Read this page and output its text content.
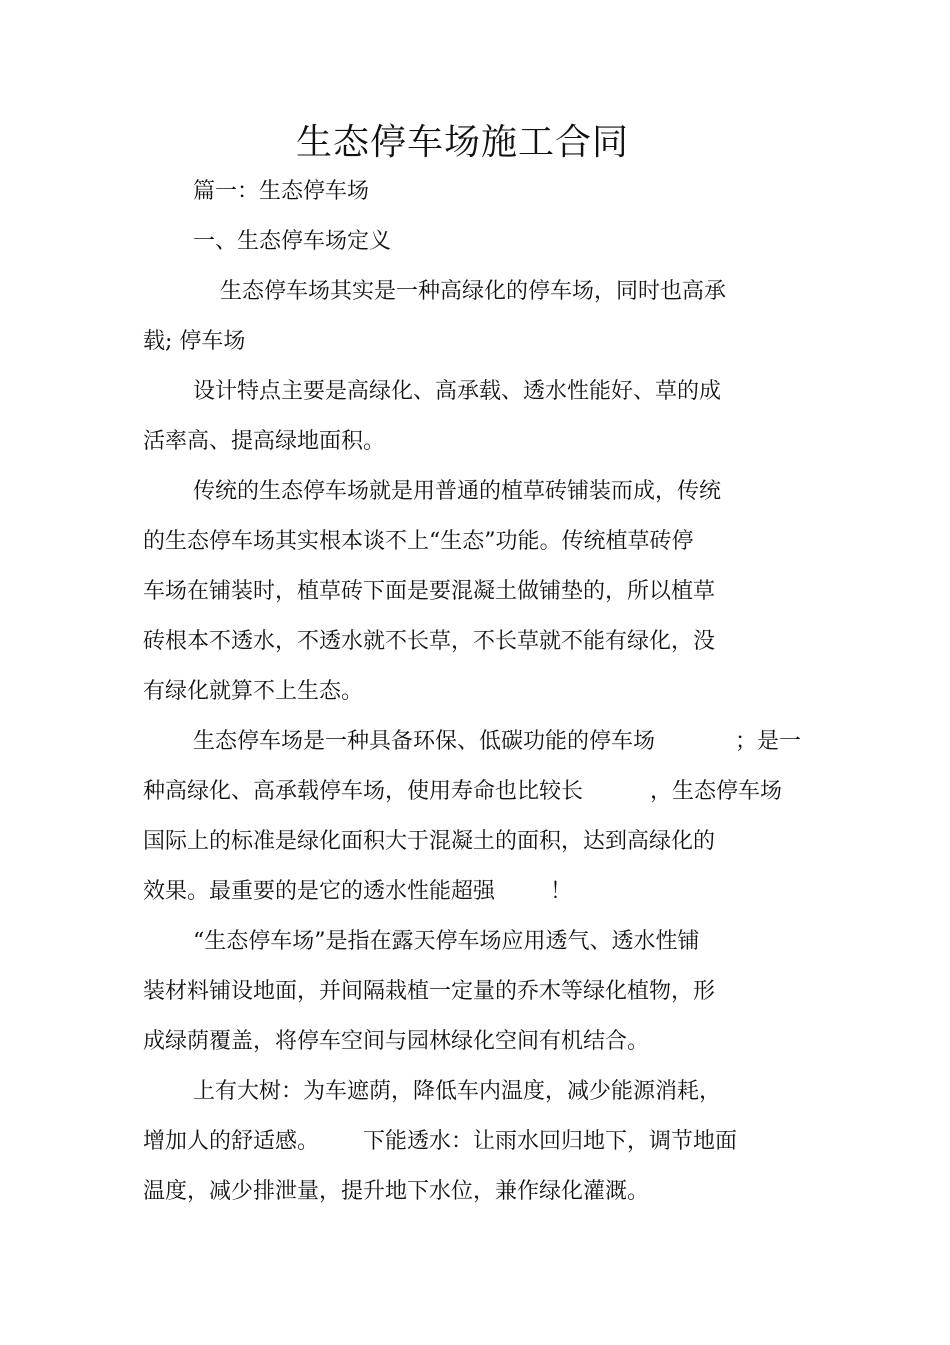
生态停车场施工合同
篇一：生态停车场
一、生态停车场定义
生态停车场其实是一种高绿化的停车场，同时也高承
载; 停车场
设计特点主要是高绿化、高承载、透水性能好、草的成
活率高、提高绿地面积。
传统的生态停车场就是用普通的植草砖铺装而成，传统
的生态停车场其实根本谈不上“生态”功能。传统植草砖停
车场在铺装时，植草砖下面是要混凝土做铺垫的，所以植草
砖根本不透水，不透水就不长草，不长草就不能有绿化，没
有绿化就算不上生态。
生态停车场是一种具备环保、低碳功能的停车场	；是一
种高绿化、高承载停车场，使用寿命也比较长	，生态停车场
国际上的标准是绿化面积大于混凝土的面积，达到高绿化的
效果。最重要的是它的透水性能超强 ！
“生态停车场”是指在露天停车场应用透气、透水性铺
装材料铺设地面，并间隔栽植一定量的乔木等绿化植物，形
成绿荫覆盖，将停车空间与园林绿化空间有机结合。
上有大树：为车遮荫，降低车内温度，减少能源消耗，
增加人的舒适感。 下能透水：让雨水回归地下，调节地面
温度，减少排泄量，提升地下水位，兼作绿化灌溉。
